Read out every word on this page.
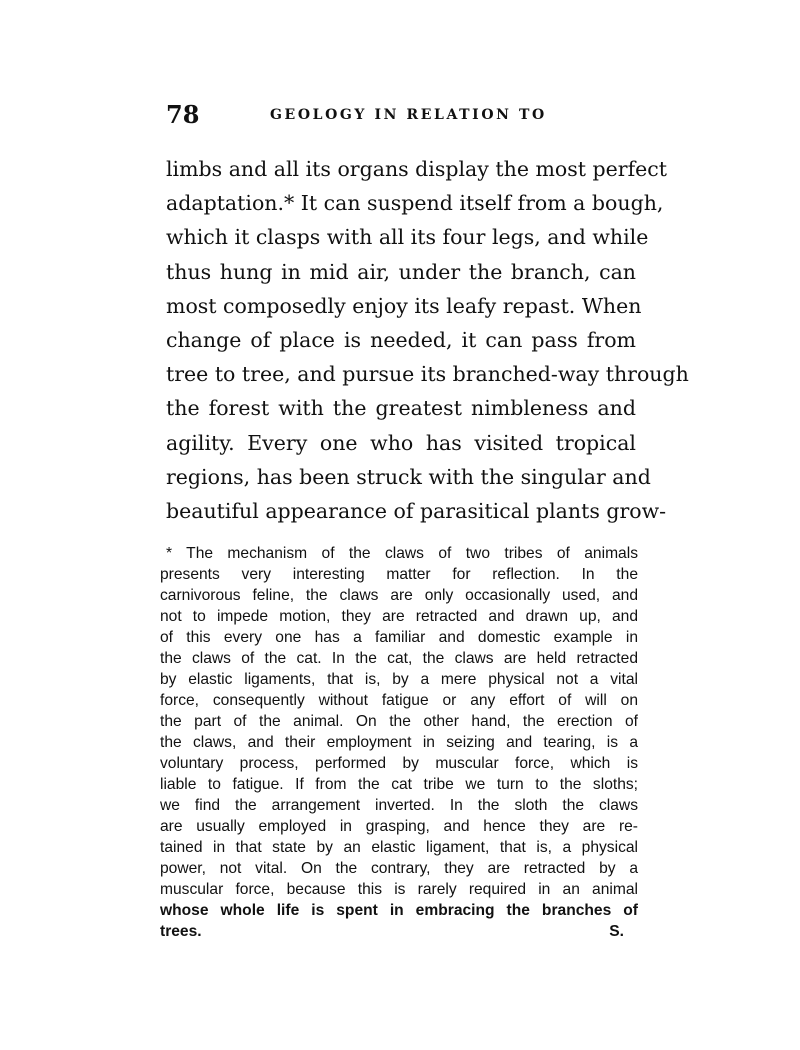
78	GEOLOGY IN RELATION TO
limbs and all its organs display the most perfect
adaptation.* It can suspend itself from a bough,
which it clasps with all its four legs, and while
thus hung in mid air, under the branch, can
most composedly enjoy its leafy repast. When
change of place is needed, it can pass from
tree to tree, and pursue its branched-way through
the forest with the greatest nimbleness and
agility. Every one who has visited tropical
regions, has been struck with the singular and
beautiful appearance of parasitical plants grow-
* The mechanism of the claws of two tribes of animals
presents very interesting matter for reflection. In the
carnivorous feline, the claws are only occasionally used, and
not to impede motion, they are retracted and drawn up, and
of this every one has a familiar and domestic example in
the claws of the cat. In the cat, the claws are held retracted
by elastic ligaments, that is, by a mere physical not a vital
force, consequently without fatigue or any effort of will on
the part of the animal. On the other hand, the erection of
the claws, and their employment in seizing and tearing, is a
voluntary process, performed by muscular force, which is
liable to fatigue. If from the cat tribe we turn to the sloths;
we find the arrangement inverted. In the sloth the claws
are usually employed in grasping, and hence they are re-
tained in that state by an elastic ligament, that is, a physical
power, not vital. On the contrary, they are retracted by a
muscular force, because this is rarely required in an animal
whose whole life is spent in embracing the branches of
trees.	S.
